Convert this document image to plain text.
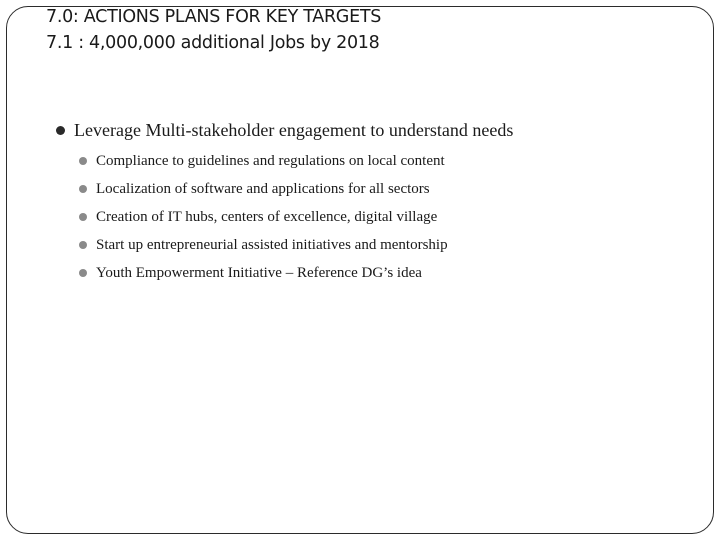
7.0: ACTIONS PLANS FOR KEY TARGETS
7.1 : 4,000,000 additional Jobs by 2018
Leverage Multi-stakeholder engagement to understand needs
Compliance to guidelines and regulations on local content
Localization of software and applications for all sectors
Creation of IT hubs, centers of excellence, digital village
Start up entrepreneurial assisted initiatives and mentorship
Youth Empowerment Initiative – Reference DG’s idea
